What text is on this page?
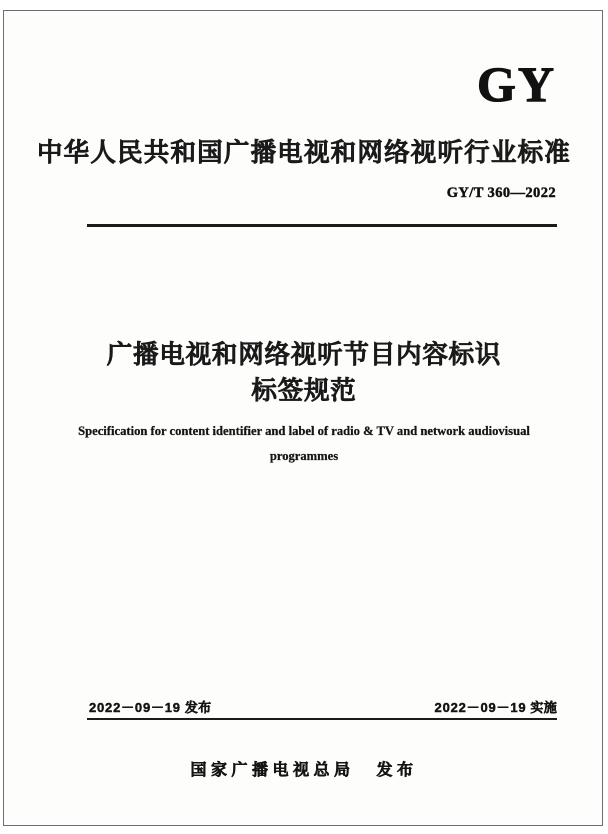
GY
中华人民共和国广播电视和网络视听行业标准
GY/T 360—2022
广播电视和网络视听节目内容标识标签规范
Specification for content identifier and label of radio & TV and network audiovisual
programmes
2022－09－19 发布	2022－09－19 实施
国家广播电视总局 发布
